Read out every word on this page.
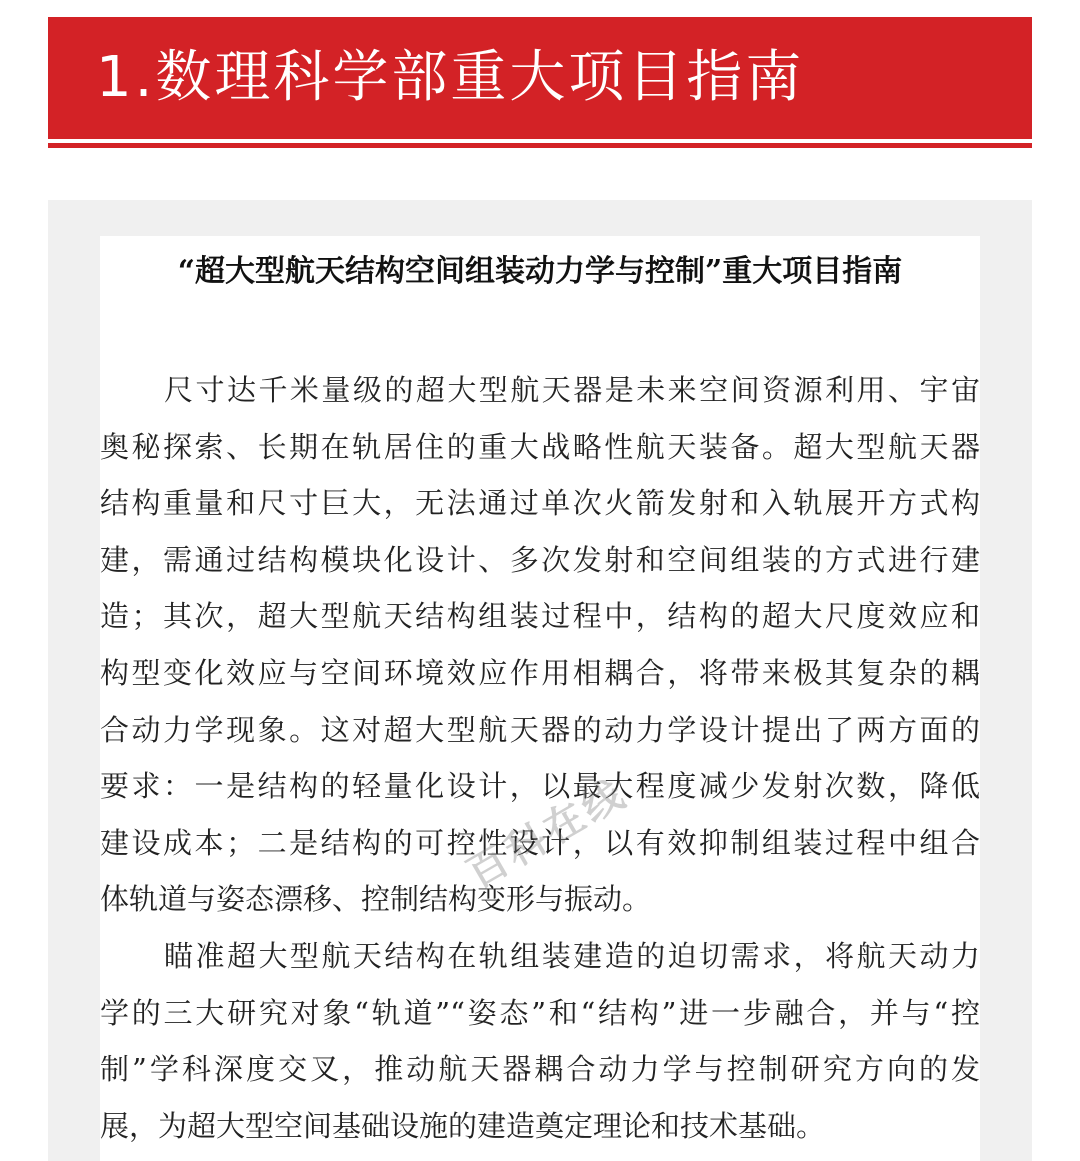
1.数理科学部重大项目指南
“超大型航天结构空间组装动力学与控制”重大项目指南
尺寸达千米量级的超大型航天器是未来空间资源利用、宇宙
奥秘探索、长期在轨居住的重大战略性航天装备。超大型航天器
结构重量和尺寸巨大，无法通过单次火箭发射和入轨展开方式构
建，需通过结构模块化设计、多次发射和空间组装的方式进行建
造；其次，超大型航天结构组装过程中，结构的超大尺度效应和
构型变化效应与空间环境效应作用相耦合，将带来极其复杂的耦
合动力学现象。这对超大型航天器的动力学设计提出了两方面的
要求：一是结构的轻量化设计，以最大程度减少发射次数，降低
建设成本；二是结构的可控性设计，以有效抑制组装过程中组合
体轨道与姿态漂移、控制结构变形与振动。
瞄准超大型航天结构在轨组装建造的迫切需求，将航天动力
学的三大研究对象“轨道”“姿态”和“结构”进一步融合，并与“控
制”学科深度交叉，推动航天器耦合动力学与控制研究方向的发
展，为超大型空间基础设施的建造奠定理论和技术基础。
百科在线
